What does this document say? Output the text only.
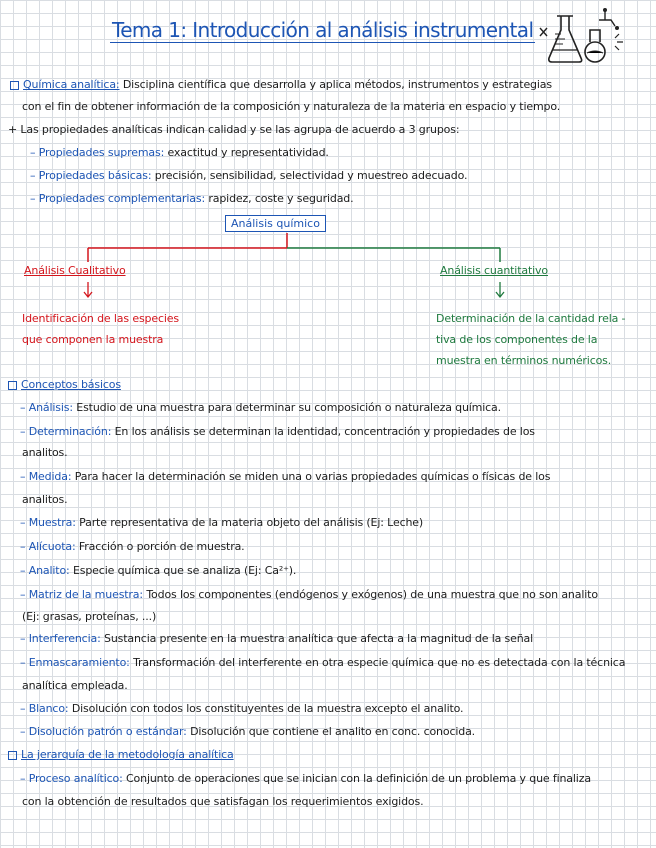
Tema 1: Introducción al análisis instrumental
Química analítica: Disciplina científica que desarrolla y aplica métodos, instrumentos y estrategias
con el fin de obtener información de la composición y naturaleza de la materia en espacio y tiempo.
+ Las propiedades analíticas indican calidad y se las agrupa de acuerdo a 3 grupos:
– Propiedades supremas: exactitud y representatividad.
– Propiedades básicas: precisión, sensibilidad, selectividad y muestreo adecuado.
– Propiedades complementarias: rapidez, coste y seguridad.
Análisis químico
Análisis Cualitativo
Identificación de las especies
que componen la muestra
Análisis cuantitativo
Determinación de la cantidad rela -
tiva de los componentes de la
muestra en términos numéricos.
Conceptos básicos
– Análisis: Estudio de una muestra para determinar su composición o naturaleza química.
– Determinación: En los análisis se determinan la identidad, concentración y propiedades de los
analitos.
– Medida: Para hacer la determinación se miden una o varias propiedades químicas o físicas de los
analitos.
– Muestra: Parte representativa de la materia objeto del análisis (Ej: Leche)
– Alícuota: Fracción o porción de muestra.
– Analito: Especie química que se analiza (Ej: Ca²⁺).
– Matriz de la muestra: Todos los componentes (endógenos y exógenos) de una muestra que no son analito
(Ej: grasas, proteínas, ...)
– Interferencia: Sustancia presente en la muestra analítica que afecta a la magnitud de la señal
– Enmascaramiento: Transformación del interferente en otra especie química que no es detectada con la técnica
analítica empleada.
– Blanco: Disolución con todos los constituyentes de la muestra excepto el analito.
– Disolución patrón o estándar: Disolución que contiene el analito en conc. conocida.
La jerarquía de la metodología analítica
– Proceso analítico: Conjunto de operaciones que se inician con la definición de un problema y que finaliza
con la obtención de resultados que satisfagan los requerimientos exigidos.
